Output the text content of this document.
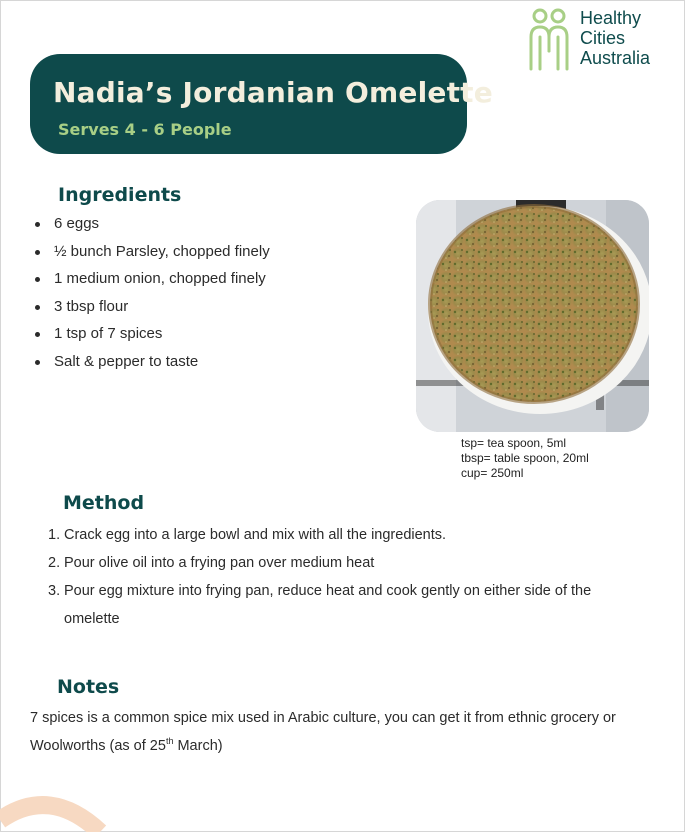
Healthy
Cities
Australia
Nadia’s Jordanian Omelette
Serves 4 - 6 People
Ingredients
6 eggs
½ bunch Parsley, chopped finely
1 medium onion, chopped finely
3 tbsp flour
1 tsp of 7 spices
Salt & pepper to taste
tsp= tea spoon, 5ml
tbsp= table spoon, 20ml
cup= 250ml
Method
1. Crack egg into a large bowl and mix with all the ingredients.
2. Pour olive oil into a frying pan over medium heat
3. Pour egg mixture into frying pan, reduce heat and cook gently on either side of the omelette
Notes

7 spices is a common spice mix used in Arabic culture, you can get it from ethnic grocery or Woolworths (as of 25th March)
